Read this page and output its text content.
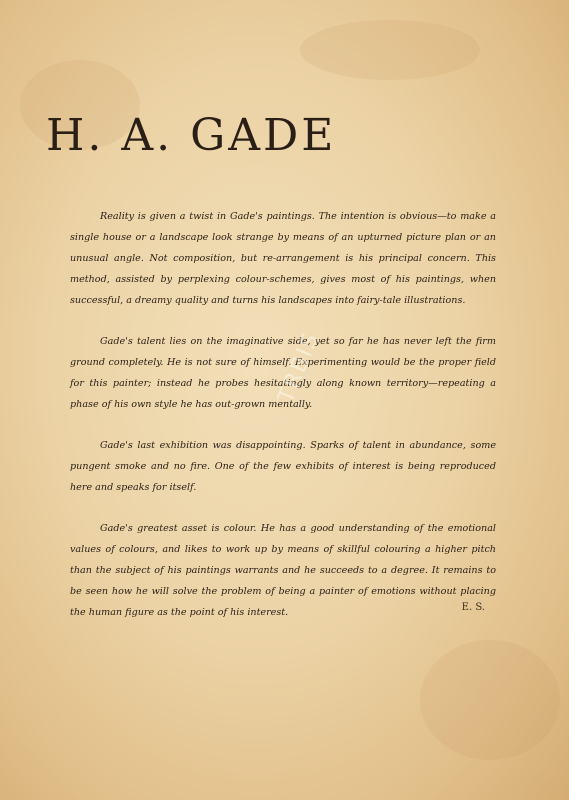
H. A. GADE

Reality is given a twist in Gade's paintings. The intention is obvious—to make a single house or a landscape look strange by means of an upturned picture plan or an unusual angle. Not composition, but re-arrangement is his principal concern. This method, assisted by perplexing colour-schemes, gives most of his paintings, when successful, a dreamy quality and turns his landscapes into fairy-tale illustrations.

Gade's talent lies on the imaginative side, yet so far he has never left the firm ground completely. He is not sure of himself. Experimenting would be the proper field for this painter; instead he probes hesitatingly along known territory—repeating a phase of his own style he has out-grown mentally.

Gade's last exhibition was disappointing. Sparks of talent in abundance, some pungent smoke and no fire. One of the few exhibits of interest is being reproduced here and speaks for itself.

Gade's greatest asset is colour. He has a good understanding of the emotional values of colours, and likes to work up by means of skillful colouring a higher pitch than the subject of his paintings warrants and he succeeds to a degree. It remains to be seen how he will solve the problem of being a painter of emotions without placing the human figure as the point of his interest.	E. S.
TRBIS
